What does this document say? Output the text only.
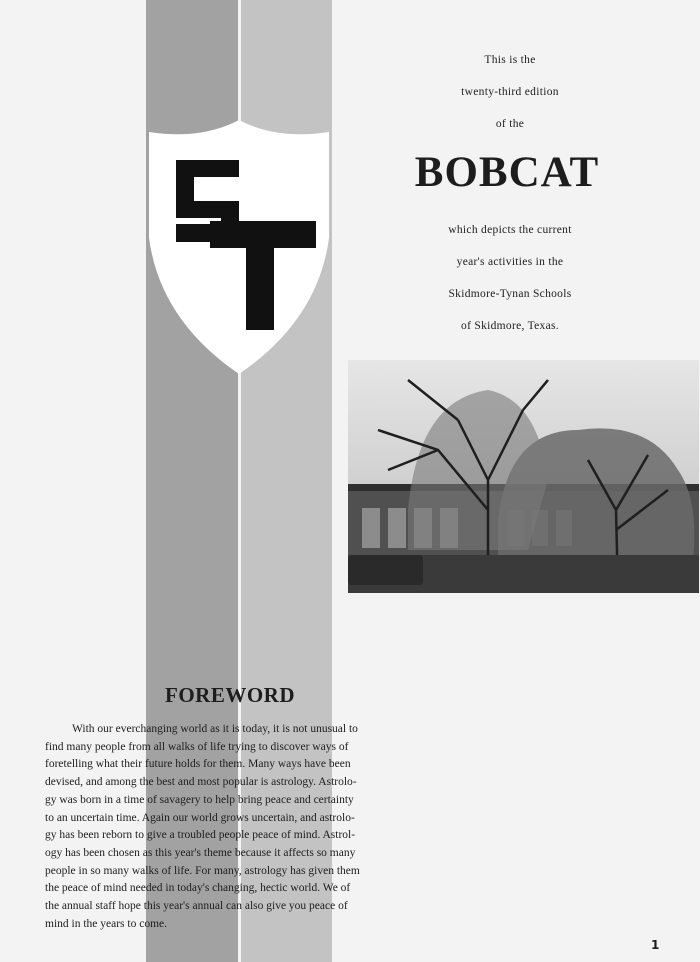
This is the

twenty-third edition

of the

BOBCAT

which depicts the current

year's activities in the

Skidmore-Tynan Schools

of Skidmore, Texas.

FOREWORD
With our everchanging world as it is today, it is not unusual to
find many people from all walks of life trying to discover ways of
foretelling what their future holds for them. Many ways have been
devised, and among the best and most popular is astrology. Astrolo-
gy was born in a time of savagery to help bring peace and certainty
to an uncertain time. Again our world grows uncertain, and astrolo-
gy has been reborn to give a troubled people peace of mind. Astrol-
ogy has been chosen as this year's theme because it affects so many
people in so many walks of life. For many, astrology has given them
the peace of mind needed in today's changing, hectic world. We of
the annual staff hope this year's annual can also give you peace of
mind in the years to come.

1
